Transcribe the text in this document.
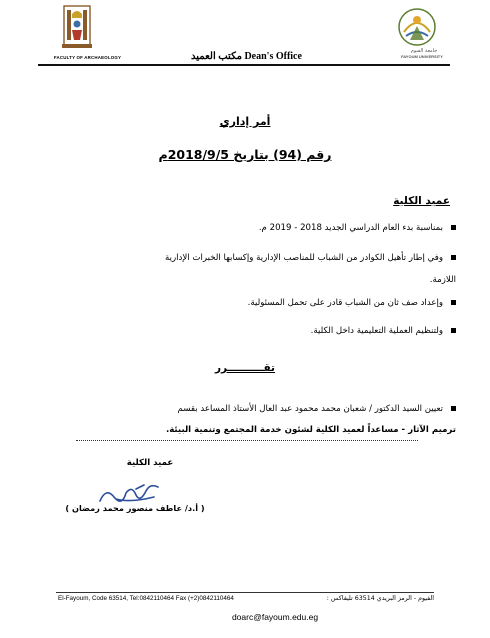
FACULTY OF ARCHAEOLOGY
جامعة الفيوم
FAYOUM UNIVERSITY
مكتب العميد Dean's Office
أمر إداري
رقم (94) بتاريخ 2018/9/5م
عميد الكلية
بمناسبة بدء العام الدراسي الجديد 2018 - 2019 م.
وفي إطار تأهيل الكوادر من الشباب للمناصب الإدارية وإكسابها الخبرات الإدارية
اللازمة.
وإعداد صف ثان من الشباب قادر على تحمل المسئولية.
ولتنظيم العملية التعليمية داخل الكلية.
تقــــــــــرر
تعيين السيد الدكتور / شعبان محمد محمود عبد العال الأستاذ المساعد بقسم
ترميم الآثار - مساعداً لعميد الكلية لشئون خدمة المجتمع وتنمية البيئة.
عميد الكلية
( أ.د/ عاطف منصور محمد رمضان )
El-Fayoum, Code 63514, Tel:0842110464 Fax (+2)0842110464	الفيوم - الرمز البريدي 63514 تليفاكس :
doarc@fayoum.edu.eg
